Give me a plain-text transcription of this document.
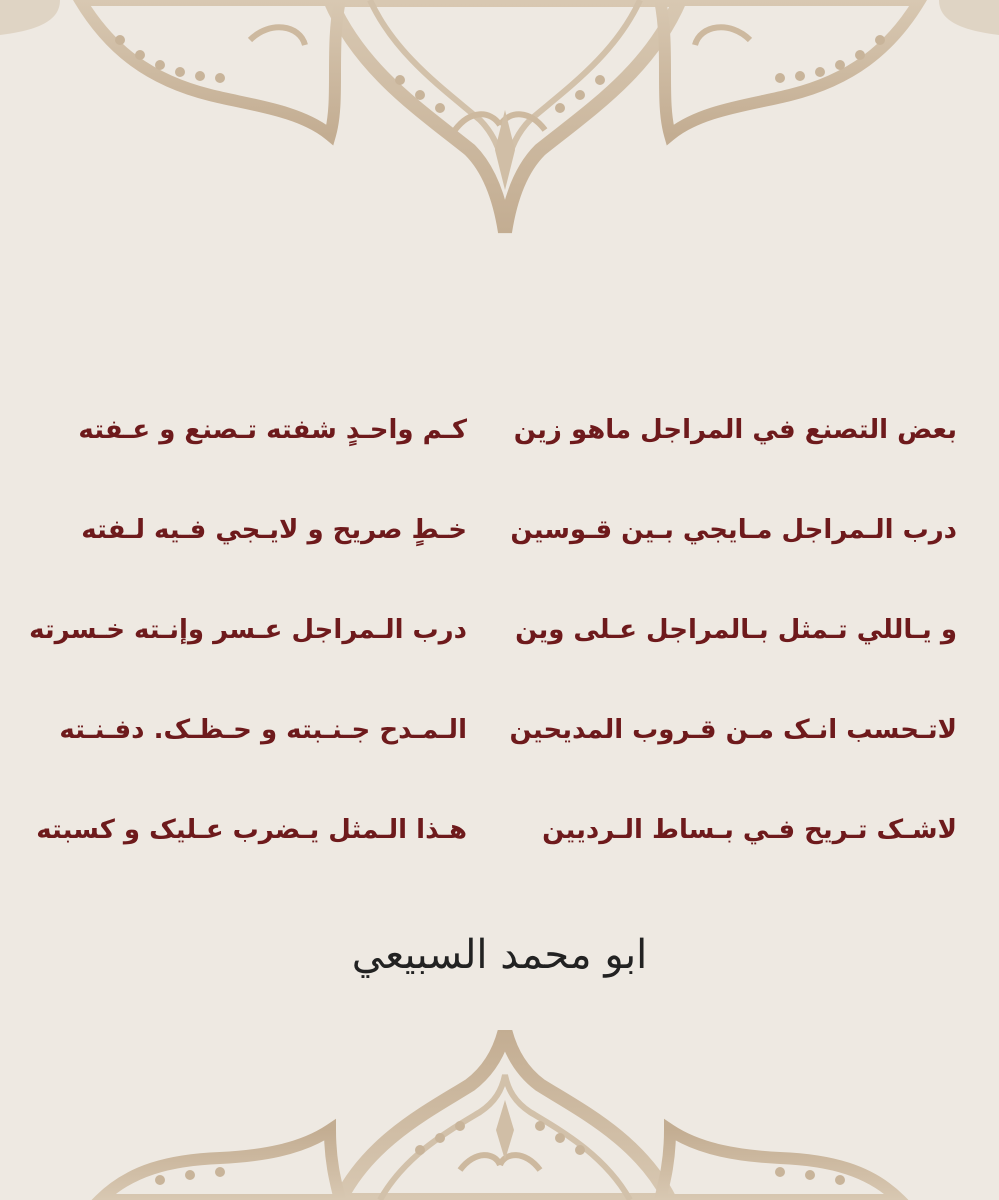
بعض التصنع في المراجل ماهو زين
كـم واحـدٍ شفته تـصنع و عـفته
درب الـمراجل مـايجي بـين قـوسين
خـطٍ صريح و لايـجي فـيه لـفته
و يـاللي تـمثل بـالمراجل عـلى وين
درب الـمراجل عـسر وإنـته خـسرته
لاتـحسب انـک مـن قـروب المديحين
الـمـدح جـنـبته و حـظـک. دفـنـته
لاشـک تـريح فـي بـساط الـرديين
هـذا الـمثل يـضرب عـليک و کسبته
ابو محمد السبيعي
